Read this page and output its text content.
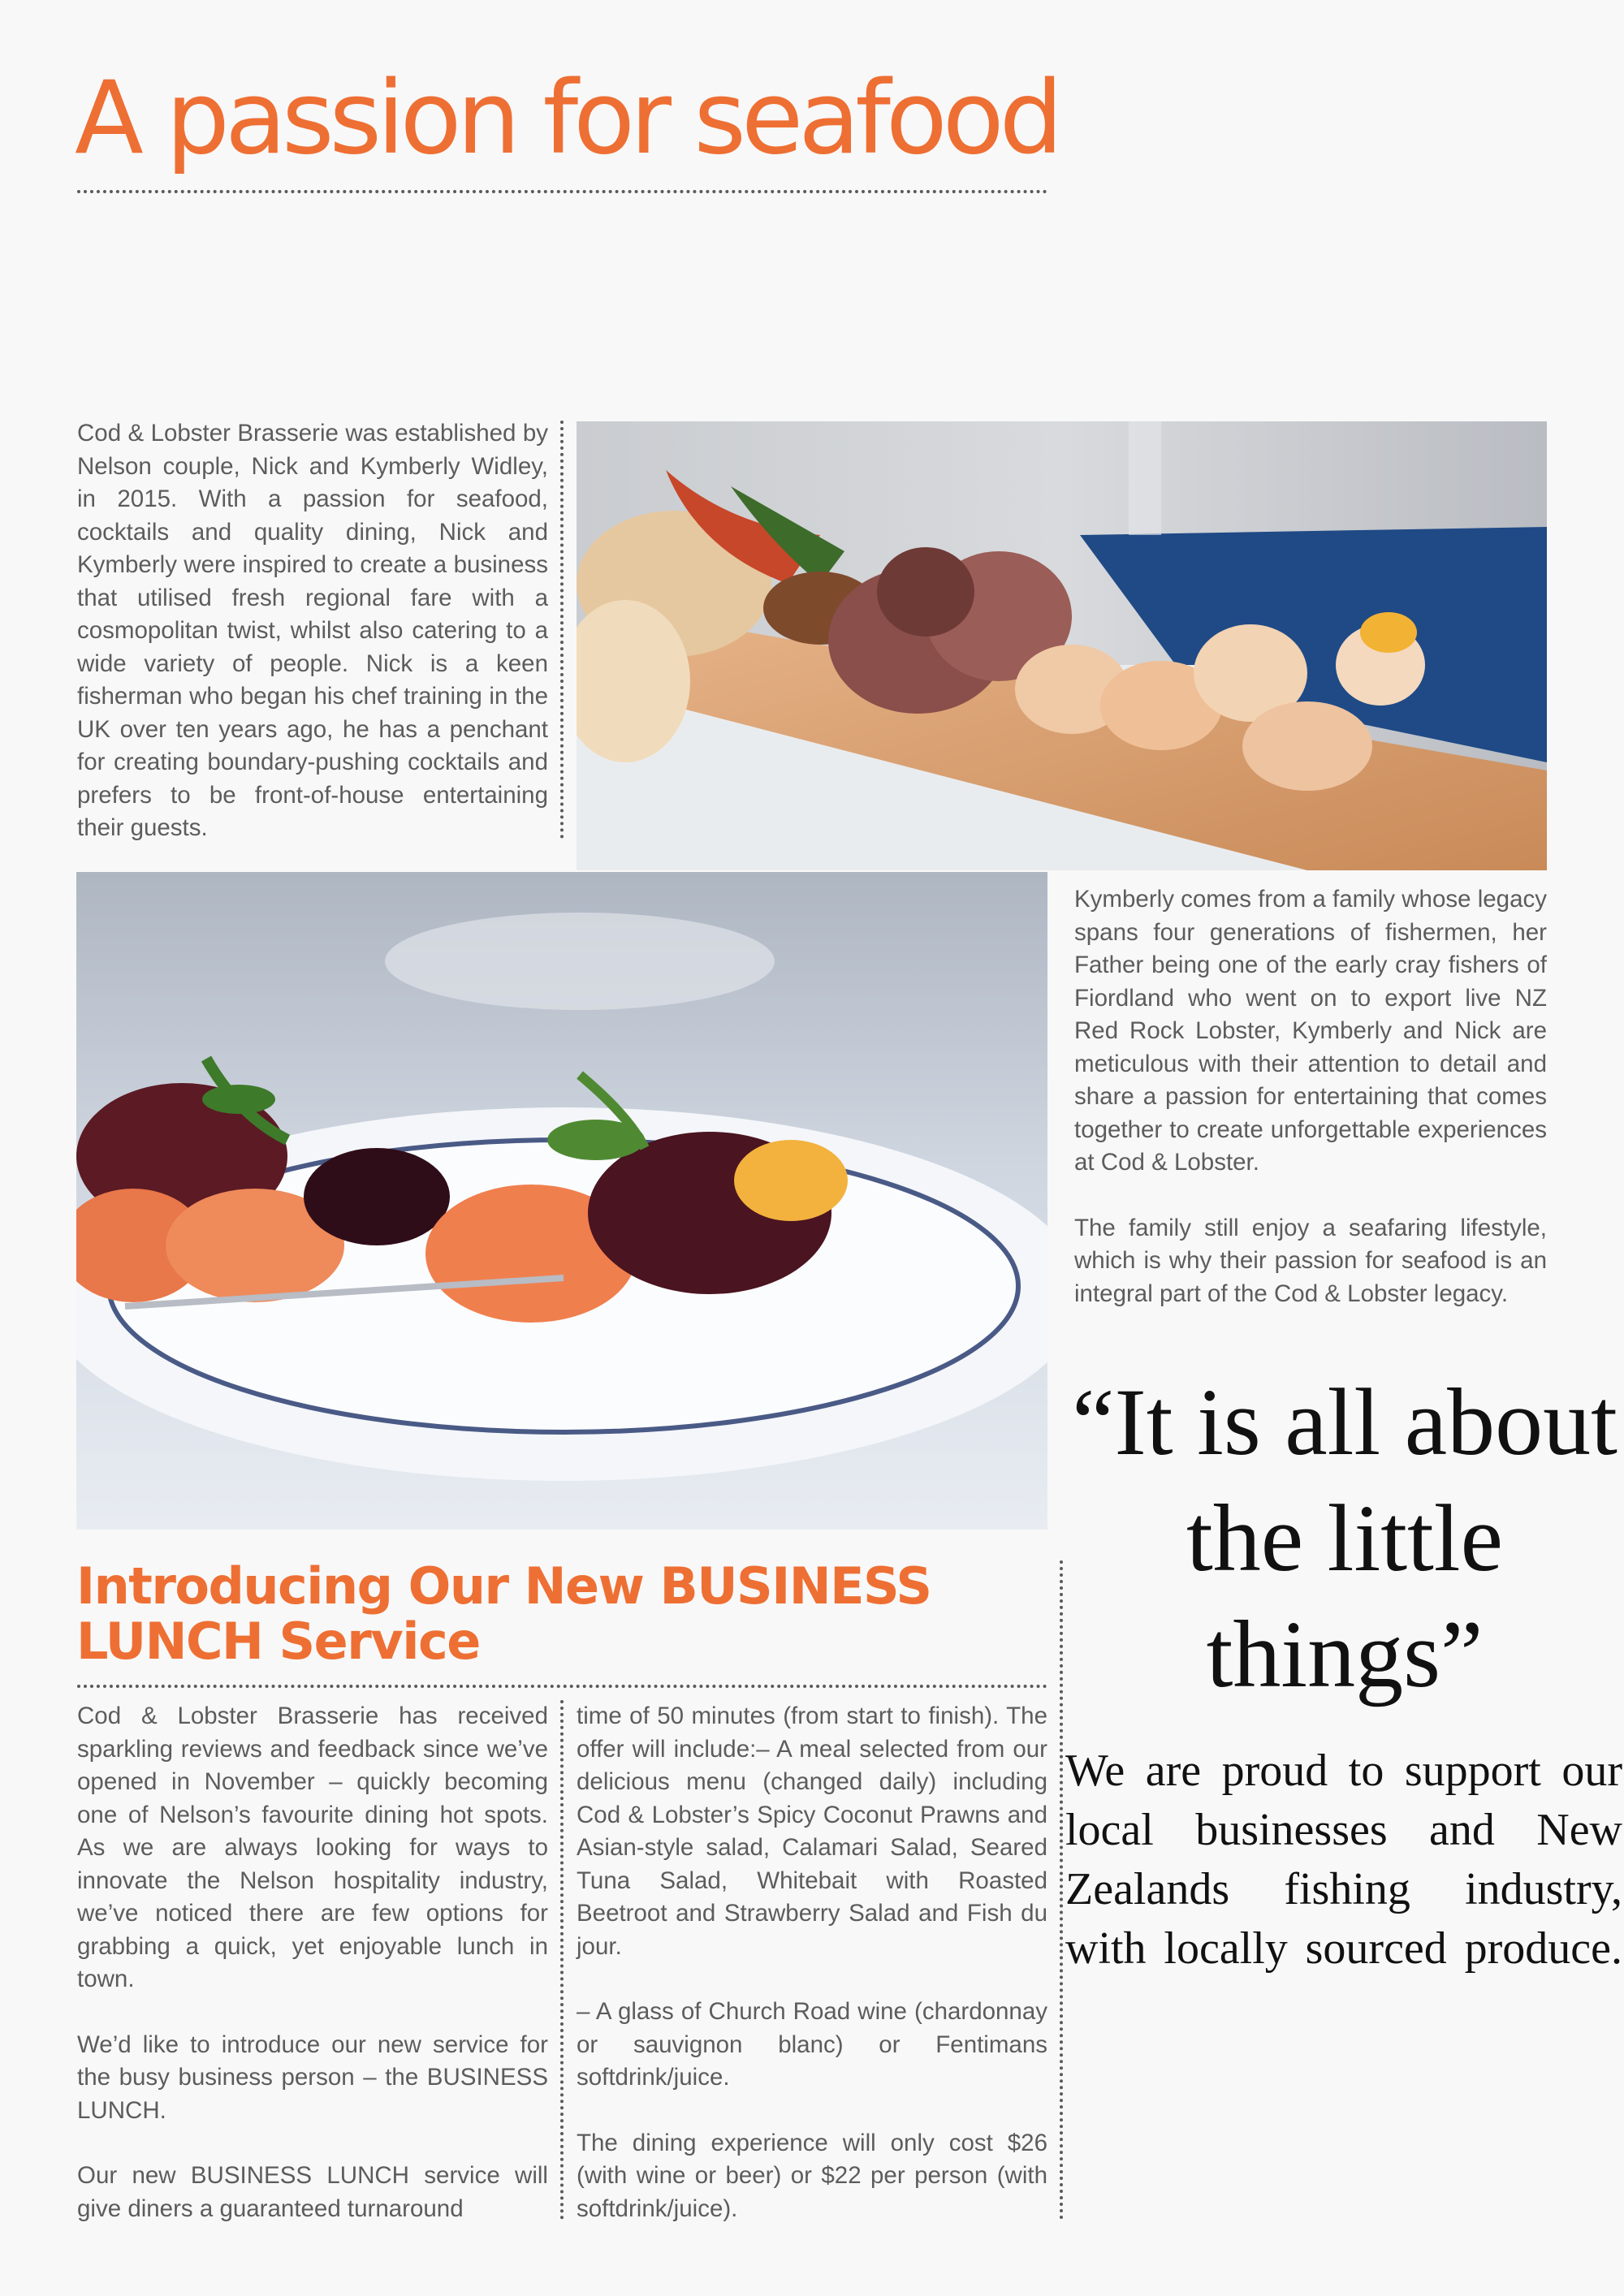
A passion for seafood

Cod & Lobster Brasserie was established by Nelson couple, Nick and Kymberly Widley, in 2015. With a passion for seafood, cocktails and quality dining, Nick and Kymberly were inspired to create a business that utilised fresh regional fare with a cosmopolitan twist, whilst also catering to a wide variety of people. Nick is a keen fisherman who began his chef training in the UK over ten years ago, he has a penchant for creating boundary-pushing cocktails and prefers to be front-of-house entertaining their guests.

Kymberly comes from a family whose legacy spans four generations of fishermen, her Father being one of the early cray fishers of Fiordland who went on to export live NZ Red Rock Lobster, Kymberly and Nick are meticulous with their attention to detail and share a passion for entertaining that comes together to create unforgettable experiences at Cod & Lobster.

The family still enjoy a seafaring lifestyle, which is why their passion for seafood is an integral part of the Cod & Lobster legacy.

“It is all about the little things”
We are proud to support our local businesses and New Zealands fishing industry, with locally sourced produce.
Introducing Our New BUSINESS LUNCH Service

Cod & Lobster Brasserie has received sparkling reviews and feedback since we’ve opened in November – quickly becoming one of Nelson’s favourite dining hot spots. As we are always looking for ways to innovate the Nelson hospitality industry, we’ve noticed there are few options for grabbing a quick, yet enjoyable lunch in town.

We’d like to introduce our new service for the busy business person – the BUSINESS LUNCH.

Our new BUSINESS LUNCH service will give diners a guaranteed turnaround

time of 50 minutes (from start to finish). The offer will include:– A meal selected from our delicious menu (changed daily) including Cod & Lobster’s Spicy Coconut Prawns and Asian-style salad, Calamari Salad, Seared Tuna Salad, Whitebait with Roasted Beetroot and Strawberry Salad and Fish du jour.

– A glass of Church Road wine (chardonnay or sauvignon blanc) or Fentimans softdrink/juice.

The dining experience will only cost $26 (with wine or beer) or $22 per person (with softdrink/juice).
